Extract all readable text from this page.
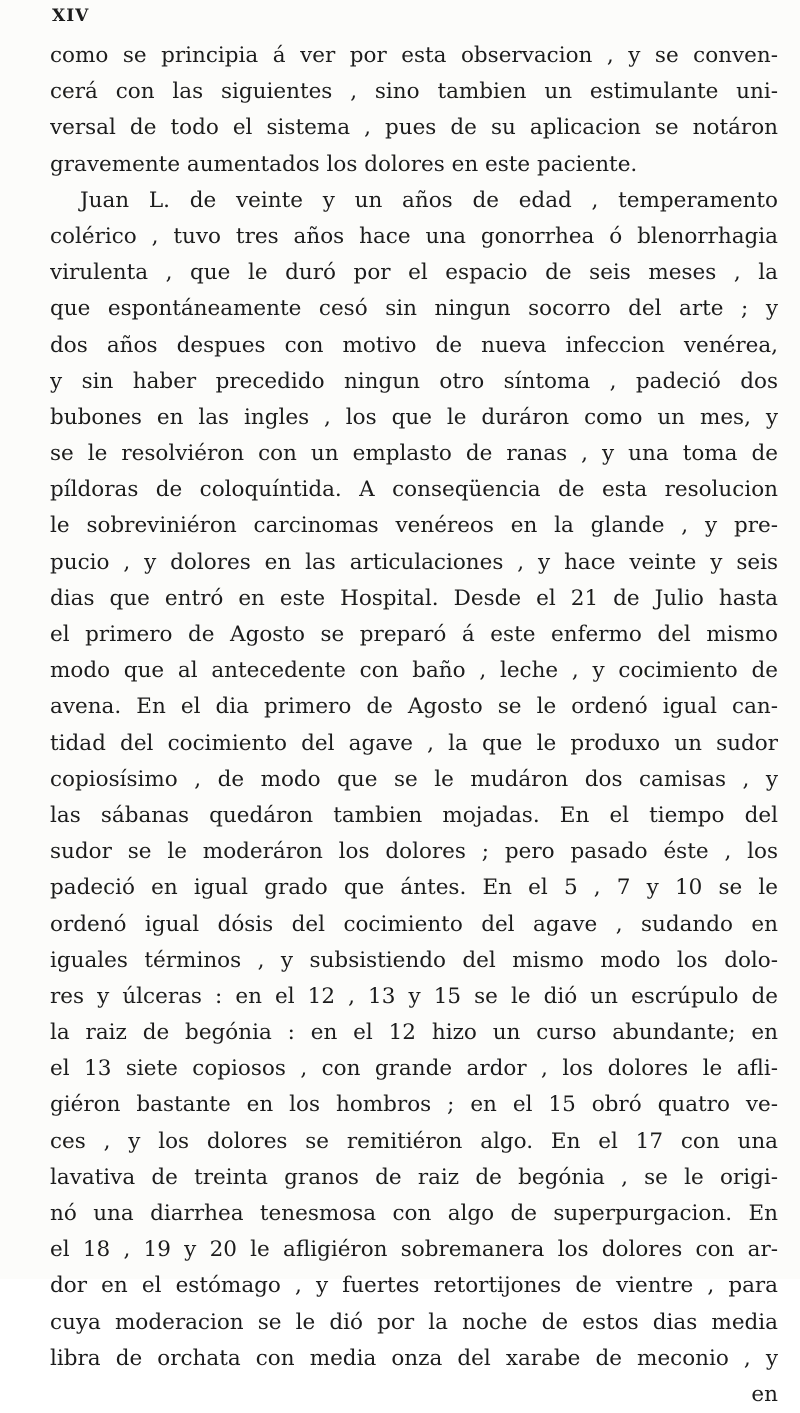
XIV
como se principia á ver por esta observacion , y se conven-
cerá con las siguientes , sino tambien un estimulante uni-
versal de todo el sistema , pues de su aplicacion se notáron
gravemente aumentados los dolores en este paciente.
Juan L. de veinte y un años de edad , temperamento
colérico , tuvo tres años hace una gonorrhea ó blenorrhagia
virulenta , que le duró por el espacio de seis meses , la
que espontáneamente cesó sin ningun socorro del arte ; y
dos años despues con motivo de nueva infeccion venérea,
y sin haber precedido ningun otro síntoma , padeció dos
bubones en las ingles , los que le duráron como un mes, y
se le resolviéron con un emplasto de ranas , y una toma de
píldoras de coloquíntida. A conseqüencia de esta resolucion
le sobreviniéron carcinomas venéreos en la glande , y pre-
pucio , y dolores en las articulaciones , y hace veinte y seis
dias que entró en este Hospital. Desde el 21 de Julio hasta
el primero de Agosto se preparó á este enfermo del mismo
modo que al antecedente con baño , leche , y cocimiento de
avena. En el dia primero de Agosto se le ordenó igual can-
tidad del cocimiento del agave , la que le produxo un sudor
copiosísimo , de modo que se le mudáron dos camisas , y
las sábanas quedáron tambien mojadas. En el tiempo del
sudor se le moderáron los dolores ; pero pasado éste , los
padeció en igual grado que ántes. En el 5 , 7 y 10 se le
ordenó igual dósis del cocimiento del agave , sudando en
iguales términos , y subsistiendo del mismo modo los dolo-
res y úlceras : en el 12 , 13 y 15 se le dió un escrúpulo de
la raiz de begónia : en el 12 hizo un curso abundante; en
el 13 siete copiosos , con grande ardor , los dolores le afli-
giéron bastante en los hombros ; en el 15 obró quatro ve-
ces , y los dolores se remitiéron algo. En el 17 con una
lavativa de treinta granos de raiz de begónia , se le origi-
nó una diarrhea tenesmosa con algo de superpurgacion. En
el 18 , 19 y 20 le afligiéron sobremanera los dolores con ar-
dor en el estómago , y fuertes retortijones de vientre , para
cuya moderacion se le dió por la noche de estos dias media
libra de orchata con media onza del xarabe de meconio , y
en
